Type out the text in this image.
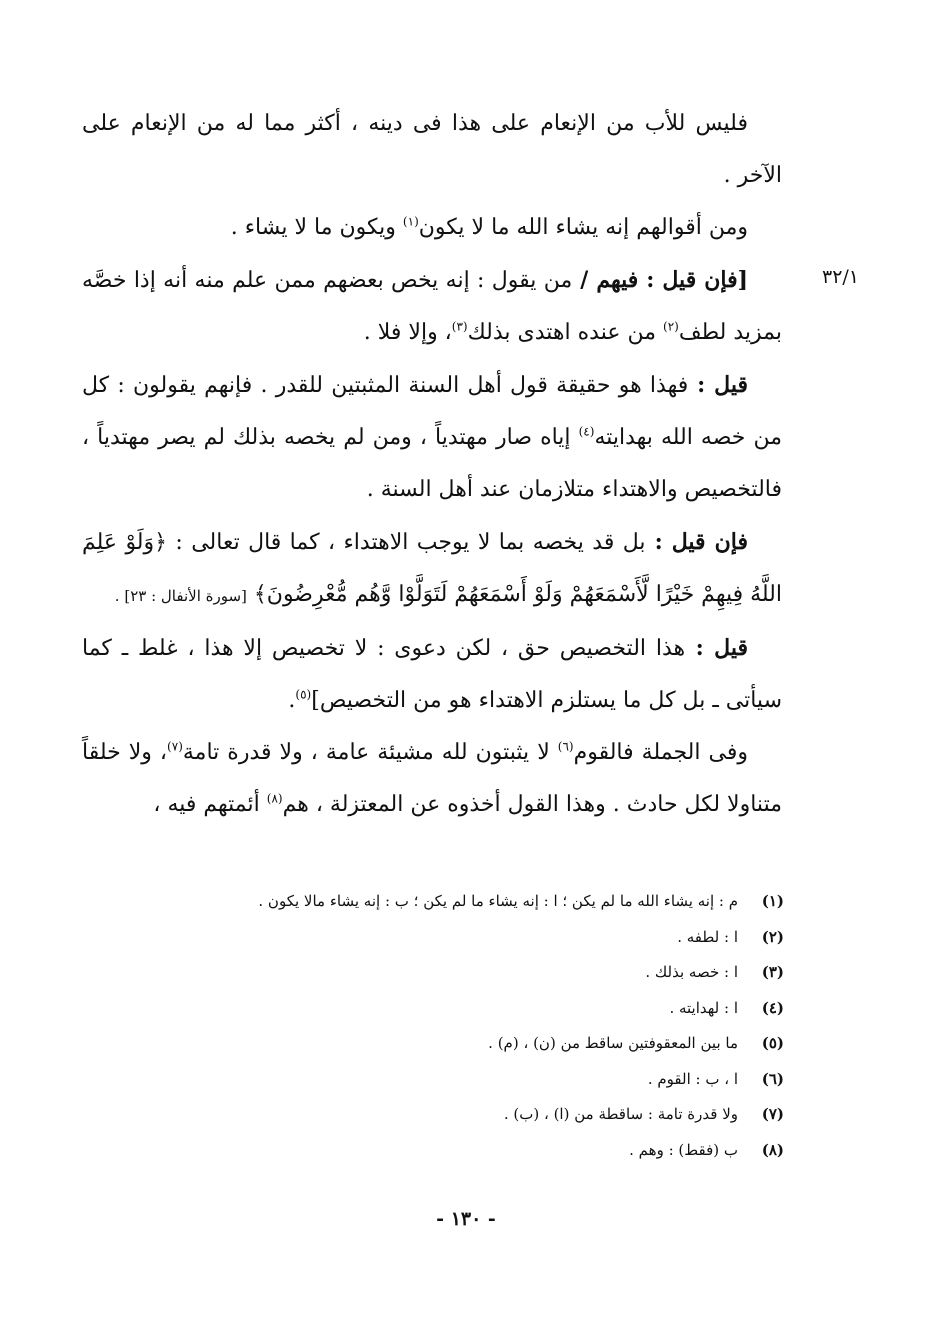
٣٢/١

فليس للأب من الإنعام على هذا فى دينه ، أكثر مما له من الإنعام على الآخر .

ومن أقوالهم إنه يشاء الله ما لا يكون$^{(١)}$ ويكون ما لا يشاء .

[فإن قيل : فيهم / من يقول : إنه يخص بعضهم ممن علم منه أنه إذا خصَّه بمزيد لطف$^{(٢)}$ من عنده اهتدى بذلك$^{(٣)}$، وإلا فلا .

قيل : فهذا هو حقيقة قول أهل السنة المثبتين للقدر . فإنهم يقولون : كل من خصه الله بهدايته$^{(٤)}$ إياه صار مهتدياً ، ومن لم يخصه بذلك لم يصر مهتدياً ، فالتخصيص والاهتداء متلازمان عند أهل السنة .

فإن قيل : بل قد يخصه بما لا يوجب الاهتداء ، كما قال تعالى : ﴿وَلَوْ عَلِمَ اللَّهُ فِيهِمْ خَيْرًا لَّأَسْمَعَهُمْ وَلَوْ أَسْمَعَهُمْ لَتَوَلَّوْا وَّهُم مُّعْرِضُونَ﴾ [سورة الأنفال : ٢٣] .

قيل : هذا التخصيص حق ، لكن دعوى : لا تخصيص إلا هذا ، غلط ـ كما سيأتى ـ بل كل ما يستلزم الاهتداء هو من التخصيص]$^{(٥)}$.

وفى الجملة فالقوم$^{(٦)}$ لا يثبتون لله مشيئة عامة ، ولا قدرة تامة$^{(٧)}$، ولا خلقاً متناولا لكل حادث . وهذا القول أخذوه عن المعتزلة ، هم$^{(٨)}$ أئمتهم فيه ،

(١)
م : إنه يشاء الله ما لم يكن ؛ ا : إنه يشاء ما لم يكن ؛ ب : إنه يشاء مالا يكون .
(٢)
ا : لطفه .
(٣)
ا : خصه بذلك .
(٤)
ا : لهدايته .
(٥)
ما بين المعقوفتين ساقط من (ن) ، (م) .
(٦)
ا ، ب : القوم .
(٧)
ولا قدرة تامة : ساقطة من (ا) ، (ب) .
(٨)
ب (فقط) : وهم .
- ١٣٠ -
